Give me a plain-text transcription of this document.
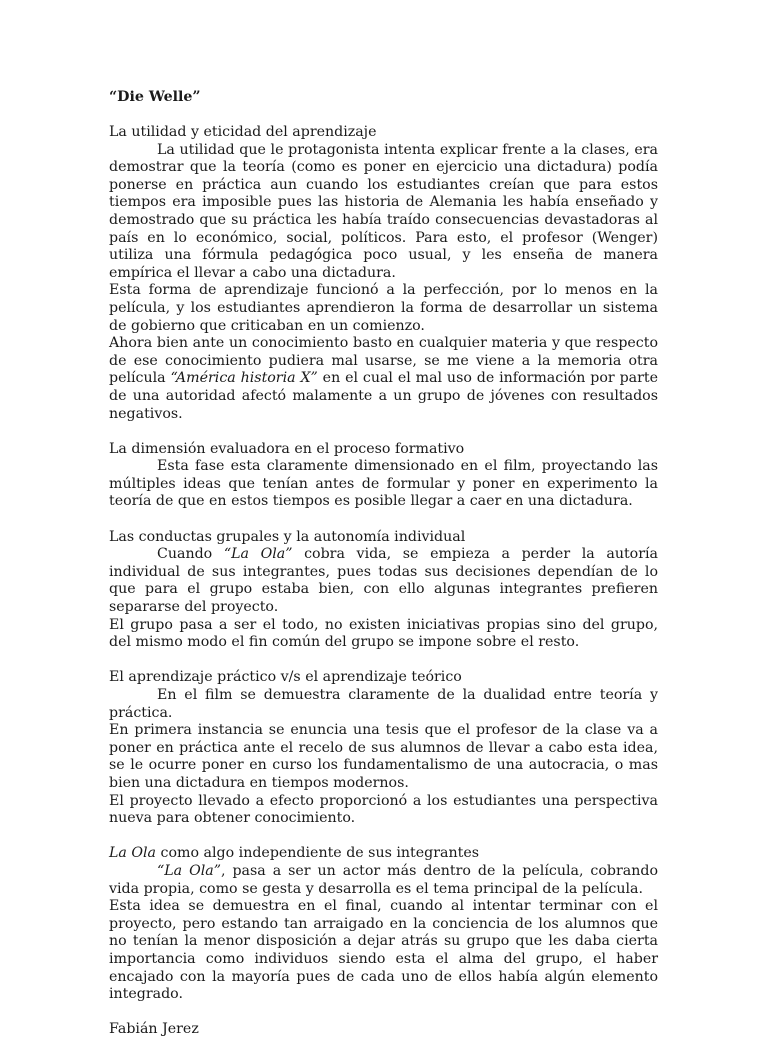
“Die Welle”
La utilidad y eticidad del aprendizaje

La utilidad que le protagonista intenta explicar frente a la clases, era demostrar que la teoría (como es poner en ejercicio una dictadura) podía ponerse en práctica aun cuando los estudiantes creían que para estos tiempos era imposible pues las historia de Alemania les había enseñado y demostrado que su práctica les había traído consecuencias devastadoras al país en lo económico, social, políticos. Para esto, el profesor (Wenger) utiliza una fórmula pedagógica poco usual, y les enseña de manera empírica el llevar a cabo una dictadura.

Esta forma de aprendizaje funcionó a la perfección, por lo menos en la película, y los estudiantes aprendieron la forma de desarrollar un sistema de gobierno que criticaban en un comienzo.

Ahora bien ante un conocimiento basto en cualquier materia y que respecto de ese conocimiento pudiera mal usarse, se me viene a la memoria otra película “América historia X” en el cual el mal uso de información por parte de una autoridad afectó malamente a un grupo de jóvenes con resultados negativos.

La dimensión evaluadora en el proceso formativo

Esta fase esta claramente dimensionado en el film, proyectando las múltiples ideas que tenían antes de formular y poner en experimento la teoría de que en estos tiempos es posible llegar a caer en una dictadura.

Las conductas grupales y la autonomía individual

Cuando “La Ola” cobra vida, se empieza a perder la autoría individual de sus integrantes, pues todas sus decisiones dependían de lo que para el grupo estaba bien, con ello algunas integrantes prefieren separarse del proyecto.

El grupo pasa a ser el todo, no existen iniciativas propias sino del grupo, del mismo modo el fin común del grupo se impone sobre el resto.

El aprendizaje práctico v/s el aprendizaje teórico

En el film se demuestra claramente de la dualidad entre teoría y práctica.

En primera instancia se enuncia una tesis que el profesor de la clase va a poner en práctica ante el recelo de sus alumnos de llevar a cabo esta idea, se le ocurre poner en curso los fundamentalismo de una autocracia, o mas bien una dictadura en tiempos modernos.

El proyecto llevado a efecto proporcionó a los estudiantes una perspectiva nueva para obtener conocimiento.

La Ola como algo independiente de sus integrantes

“La Ola”, pasa a ser un actor más dentro de la película, cobrando vida propia, como se gesta y desarrolla es el tema principal de la película.

Esta idea se demuestra en el final, cuando al intentar terminar con el proyecto, pero estando tan arraigado en la conciencia de los alumnos que no tenían la menor disposición a dejar atrás su grupo que les daba cierta importancia como individuos siendo esta el alma del grupo, el haber encajado con la mayoría pues de cada uno de ellos había algún elemento integrado.

Fabián Jerez
